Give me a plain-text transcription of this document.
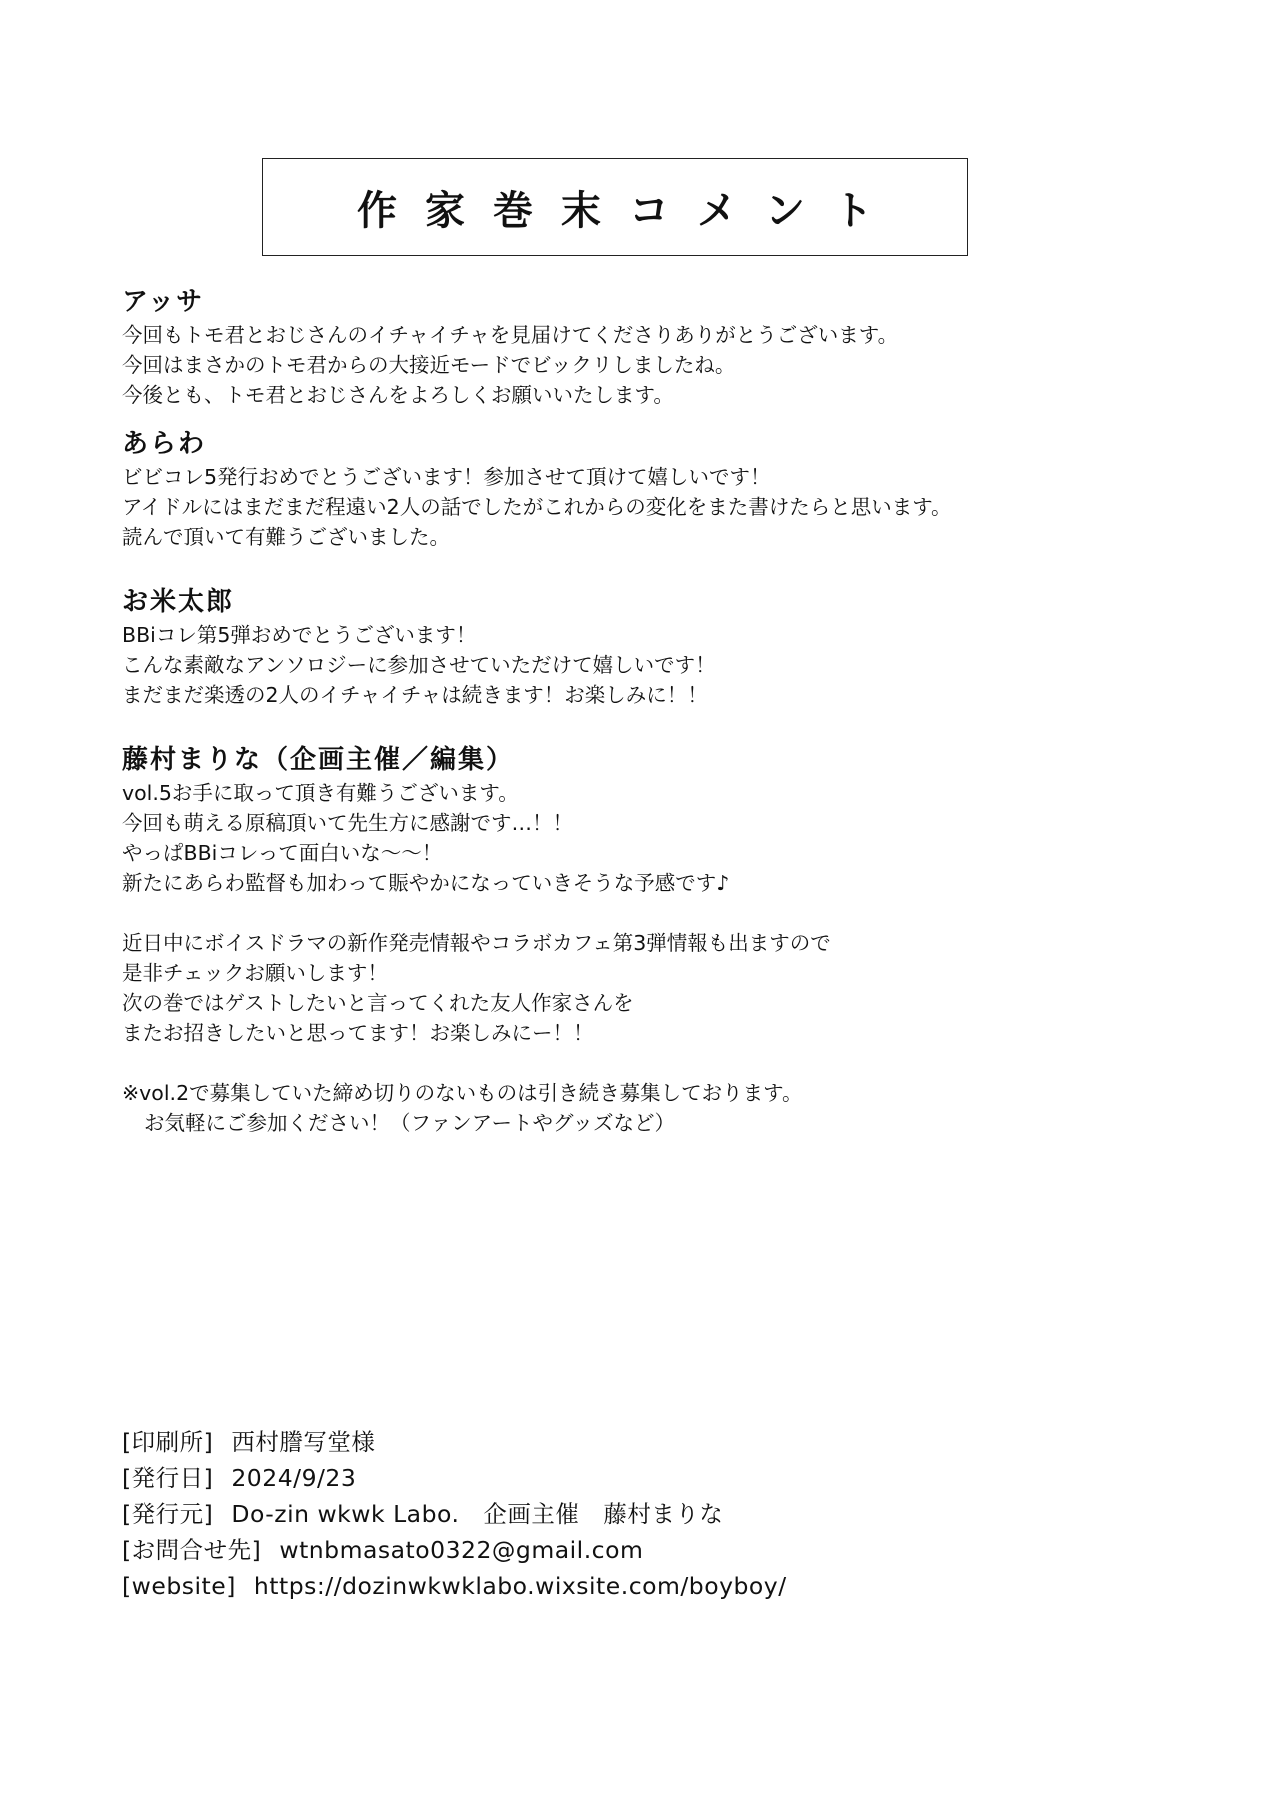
作家巻末コメント

アッサ

今回もトモ君とおじさんのイチャイチャを見届けてくださりありがとうございます。

今回はまさかのトモ君からの大接近モードでビックリしましたね。

今後とも、トモ君とおじさんをよろしくお願いいたします。

あらわ

ビビコレ5発行おめでとうございます！参加させて頂けて嬉しいです！

アイドルにはまだまだ程遠い2人の話でしたがこれからの変化をまた書けたらと思います。

読んで頂いて有難うございました。

お米太郎

BBiコレ第5弾おめでとうございます！

こんな素敵なアンソロジーに参加させていただけて嬉しいです！

まだまだ楽透の2人のイチャイチャは続きます！お楽しみに！！

藤村まりな（企画主催／編集）

vol.5お手に取って頂き有難うございます。

今回も萌える原稿頂いて先生方に感謝です…！！

やっぱBBiコレって面白いな〜〜！

新たにあらわ監督も加わって賑やかになっていきそうな予感です♪

近日中にボイスドラマの新作発売情報やコラボカフェ第3弾情報も出ますので

是非チェックお願いします！

次の巻ではゲストしたいと言ってくれた友人作家さんを

またお招きしたいと思ってます！お楽しみにー！！

※vol.2で募集していた締め切りのないものは引き続き募集しております。

お気軽にご参加ください！（ファンアートやグッズなど）

[印刷所] 西村謄写堂様

[発行日] 2024/9/23

[発行元] Do-zin wkwk Labo.　企画主催　藤村まりな

[お問合せ先] wtnbmasato0322@gmail.com

[website] https://dozinwkwklabo.wixsite.com/boyboy/
